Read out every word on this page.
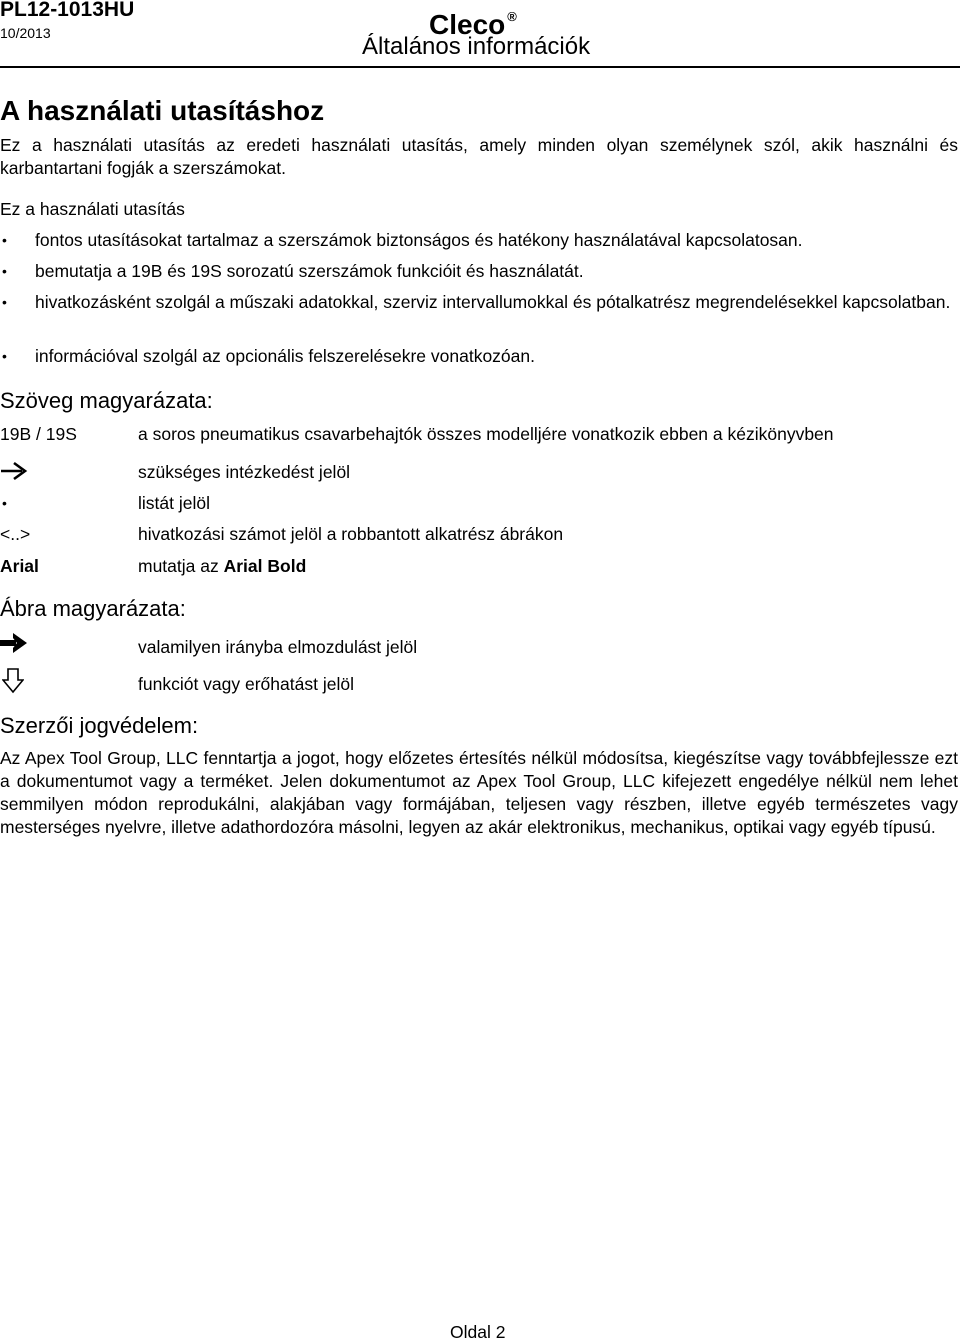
PL12-1013HU
10/2013	Cleco ®
Általános információk
A használati utasításhoz
Ez a használati utasítás az eredeti használati utasítás, amely minden olyan személynek szól, akik használni és karbantartani fogják a szerszámokat.
Ez a használati utasítás
• fontos utasításokat tartalmaz a szerszámok biztonságos és hatékony használatával kapcsolatosan.
• bemutatja a 19B és 19S sorozatú szerszámok funkcióit és használatát.
• hivatkozásként szolgál a műszaki adatokkal, szerviz intervallumokkal és pótalkatrész megrendelésekkel kapcsolatban.
• információval szolgál az opcionális felszerelésekre vonatkozóan.
Szöveg magyarázata:
19B / 19S	a soros pneumatikus csavarbehajtók összes modelljére vonatkozik ebben a kézikönyvben
szükséges intézkedést jelöl
•	listát jelöl
<..>	hivatkozási számot jelöl a robbantott alkatrész ábrákon
Arial	mutatja az Arial Bold
Ábra magyarázata:
valamilyen irányba elmozdulást jelöl
funkciót vagy erőhatást jelöl
Szerzői jogvédelem:
Az Apex Tool Group, LLC fenntartja a jogot, hogy előzetes értesítés nélkül módosítsa, kiegészítse vagy továbbfejlessze ezt a dokumentumot vagy a terméket. Jelen dokumentumot az Apex Tool Group, LLC kifejezett engedélye nélkül nem lehet semmilyen módon reprodukálni, alakjában vagy formájában, teljesen vagy részben, illetve egyéb természetes vagy mesterséges nyelvre, illetve adathordozóra másolni, legyen az akár elektronikus, mechanikus, optikai vagy egyéb típusú.
Oldal 2
